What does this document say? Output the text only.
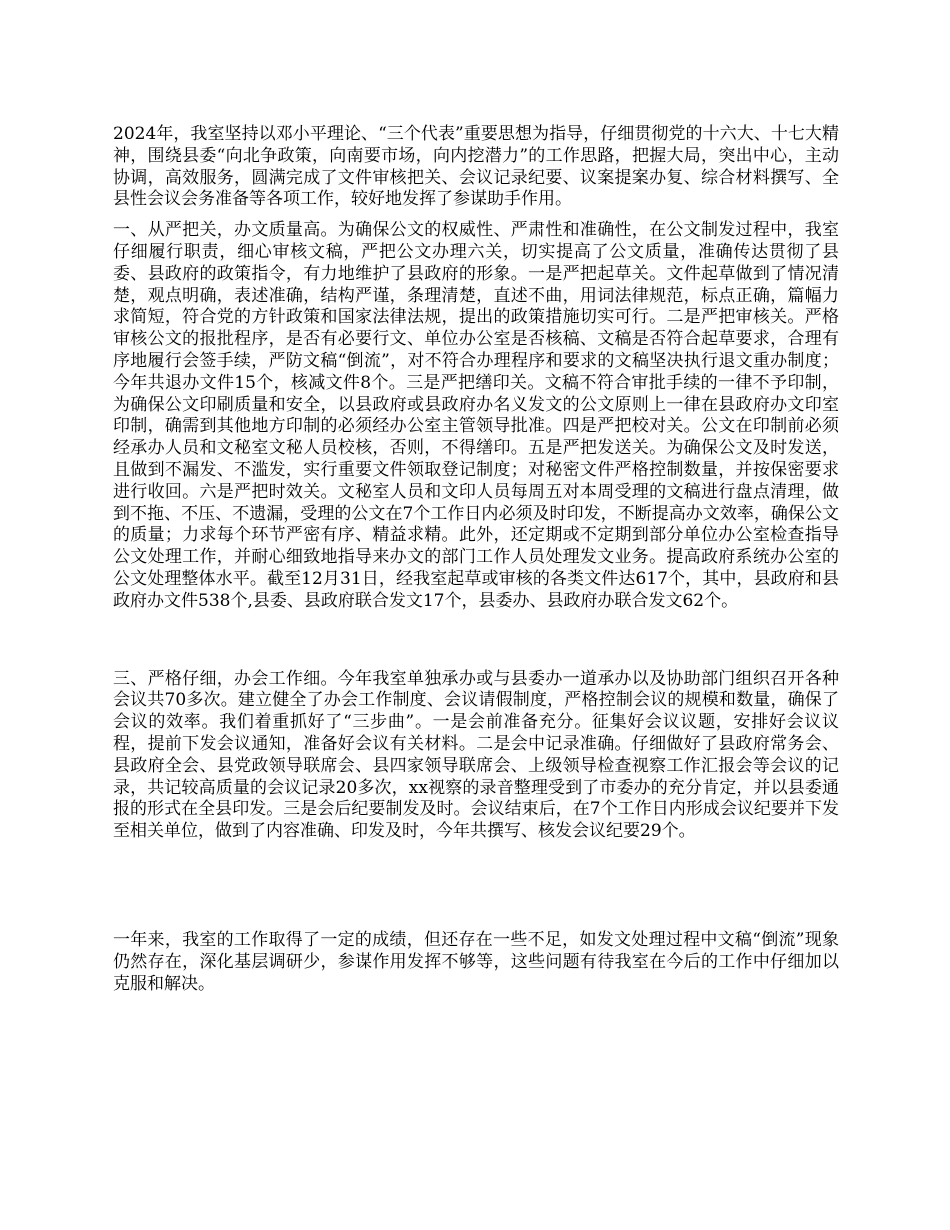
2024年，我室坚持以邓小平理论、“三个代表”重要思想为指导，仔细贯彻党的十六大、十七大精神，围绕县委“向北争政策，向南要市场，向内挖潜力”的工作思路，把握大局，突出中心，主动协调，高效服务，圆满完成了文件审核把关、会议记录纪要、议案提案办复、综合材料撰写、全县性会议会务准备等各项工作，较好地发挥了参谋助手作用。

一、从严把关，办文质量高。为确保公文的权威性、严肃性和准确性，在公文制发过程中，我室仔细履行职责，细心审核文稿，严把公文办理六关，切实提高了公文质量，准确传达贯彻了县委、县政府的政策指令，有力地维护了县政府的形象。一是严把起草关。文件起草做到了情况清楚，观点明确，表述准确，结构严谨，条理清楚，直述不曲，用词法律规范，标点正确，篇幅力求简短，符合党的方针政策和国家法律法规，提出的政策措施切实可行。二是严把审核关。严格审核公文的报批程序，是否有必要行文、单位办公室是否核稿、文稿是否符合起草要求，合理有序地履行会签手续，严防文稿“倒流”，对不符合办理程序和要求的文稿坚决执行退文重办制度；今年共退办文件15个，核减文件8个。三是严把缮印关。文稿不符合审批手续的一律不予印制，为确保公文印刷质量和安全，以县政府或县政府办名义发文的公文原则上一律在县政府办文印室印制，确需到其他地方印制的必须经办公室主管领导批准。四是严把校对关。公文在印制前必须经承办人员和文秘室文秘人员校核，否则，不得缮印。五是严把发送关。为确保公文及时发送，且做到不漏发、不滥发，实行重要文件领取登记制度；对秘密文件严格控制数量，并按保密要求进行收回。六是严把时效关。文秘室人员和文印人员每周五对本周受理的文稿进行盘点清理，做到不拖、不压、不遗漏，受理的公文在7个工作日内必须及时印发，不断提高办文效率，确保公文的质量；力求每个环节严密有序、精益求精。此外，还定期或不定期到部分单位办公室检查指导公文处理工作，并耐心细致地指导来办文的部门工作人员处理发文业务。提高政府系统办公室的公文处理整体水平。截至12月31日，经我室起草或审核的各类文件达617个，其中，县政府和县政府办文件538个,县委、县政府联合发文17个，县委办、县政府办联合发文62个。

三、严格仔细，办会工作细。今年我室单独承办或与县委办一道承办以及协助部门组织召开各种会议共70多次。建立健全了办会工作制度、会议请假制度，严格控制会议的规模和数量，确保了会议的效率。我们着重抓好了“三步曲”。一是会前准备充分。征集好会议议题，安排好会议议程，提前下发会议通知，准备好会议有关材料。二是会中记录准确。仔细做好了县政府常务会、县政府全会、县党政领导联席会、县四家领导联席会、上级领导检查视察工作汇报会等会议的记录，共记较高质量的会议记录20多次，xx视察的录音整理受到了市委办的充分肯定，并以县委通报的形式在全县印发。三是会后纪要制发及时。会议结束后，在7个工作日内形成会议纪要并下发至相关单位，做到了内容准确、印发及时，今年共撰写、核发会议纪要29个。

一年来，我室的工作取得了一定的成绩，但还存在一些不足，如发文处理过程中文稿“倒流”现象仍然存在，深化基层调研少，参谋作用发挥不够等，这些问题有待我室在今后的工作中仔细加以克服和解决。
